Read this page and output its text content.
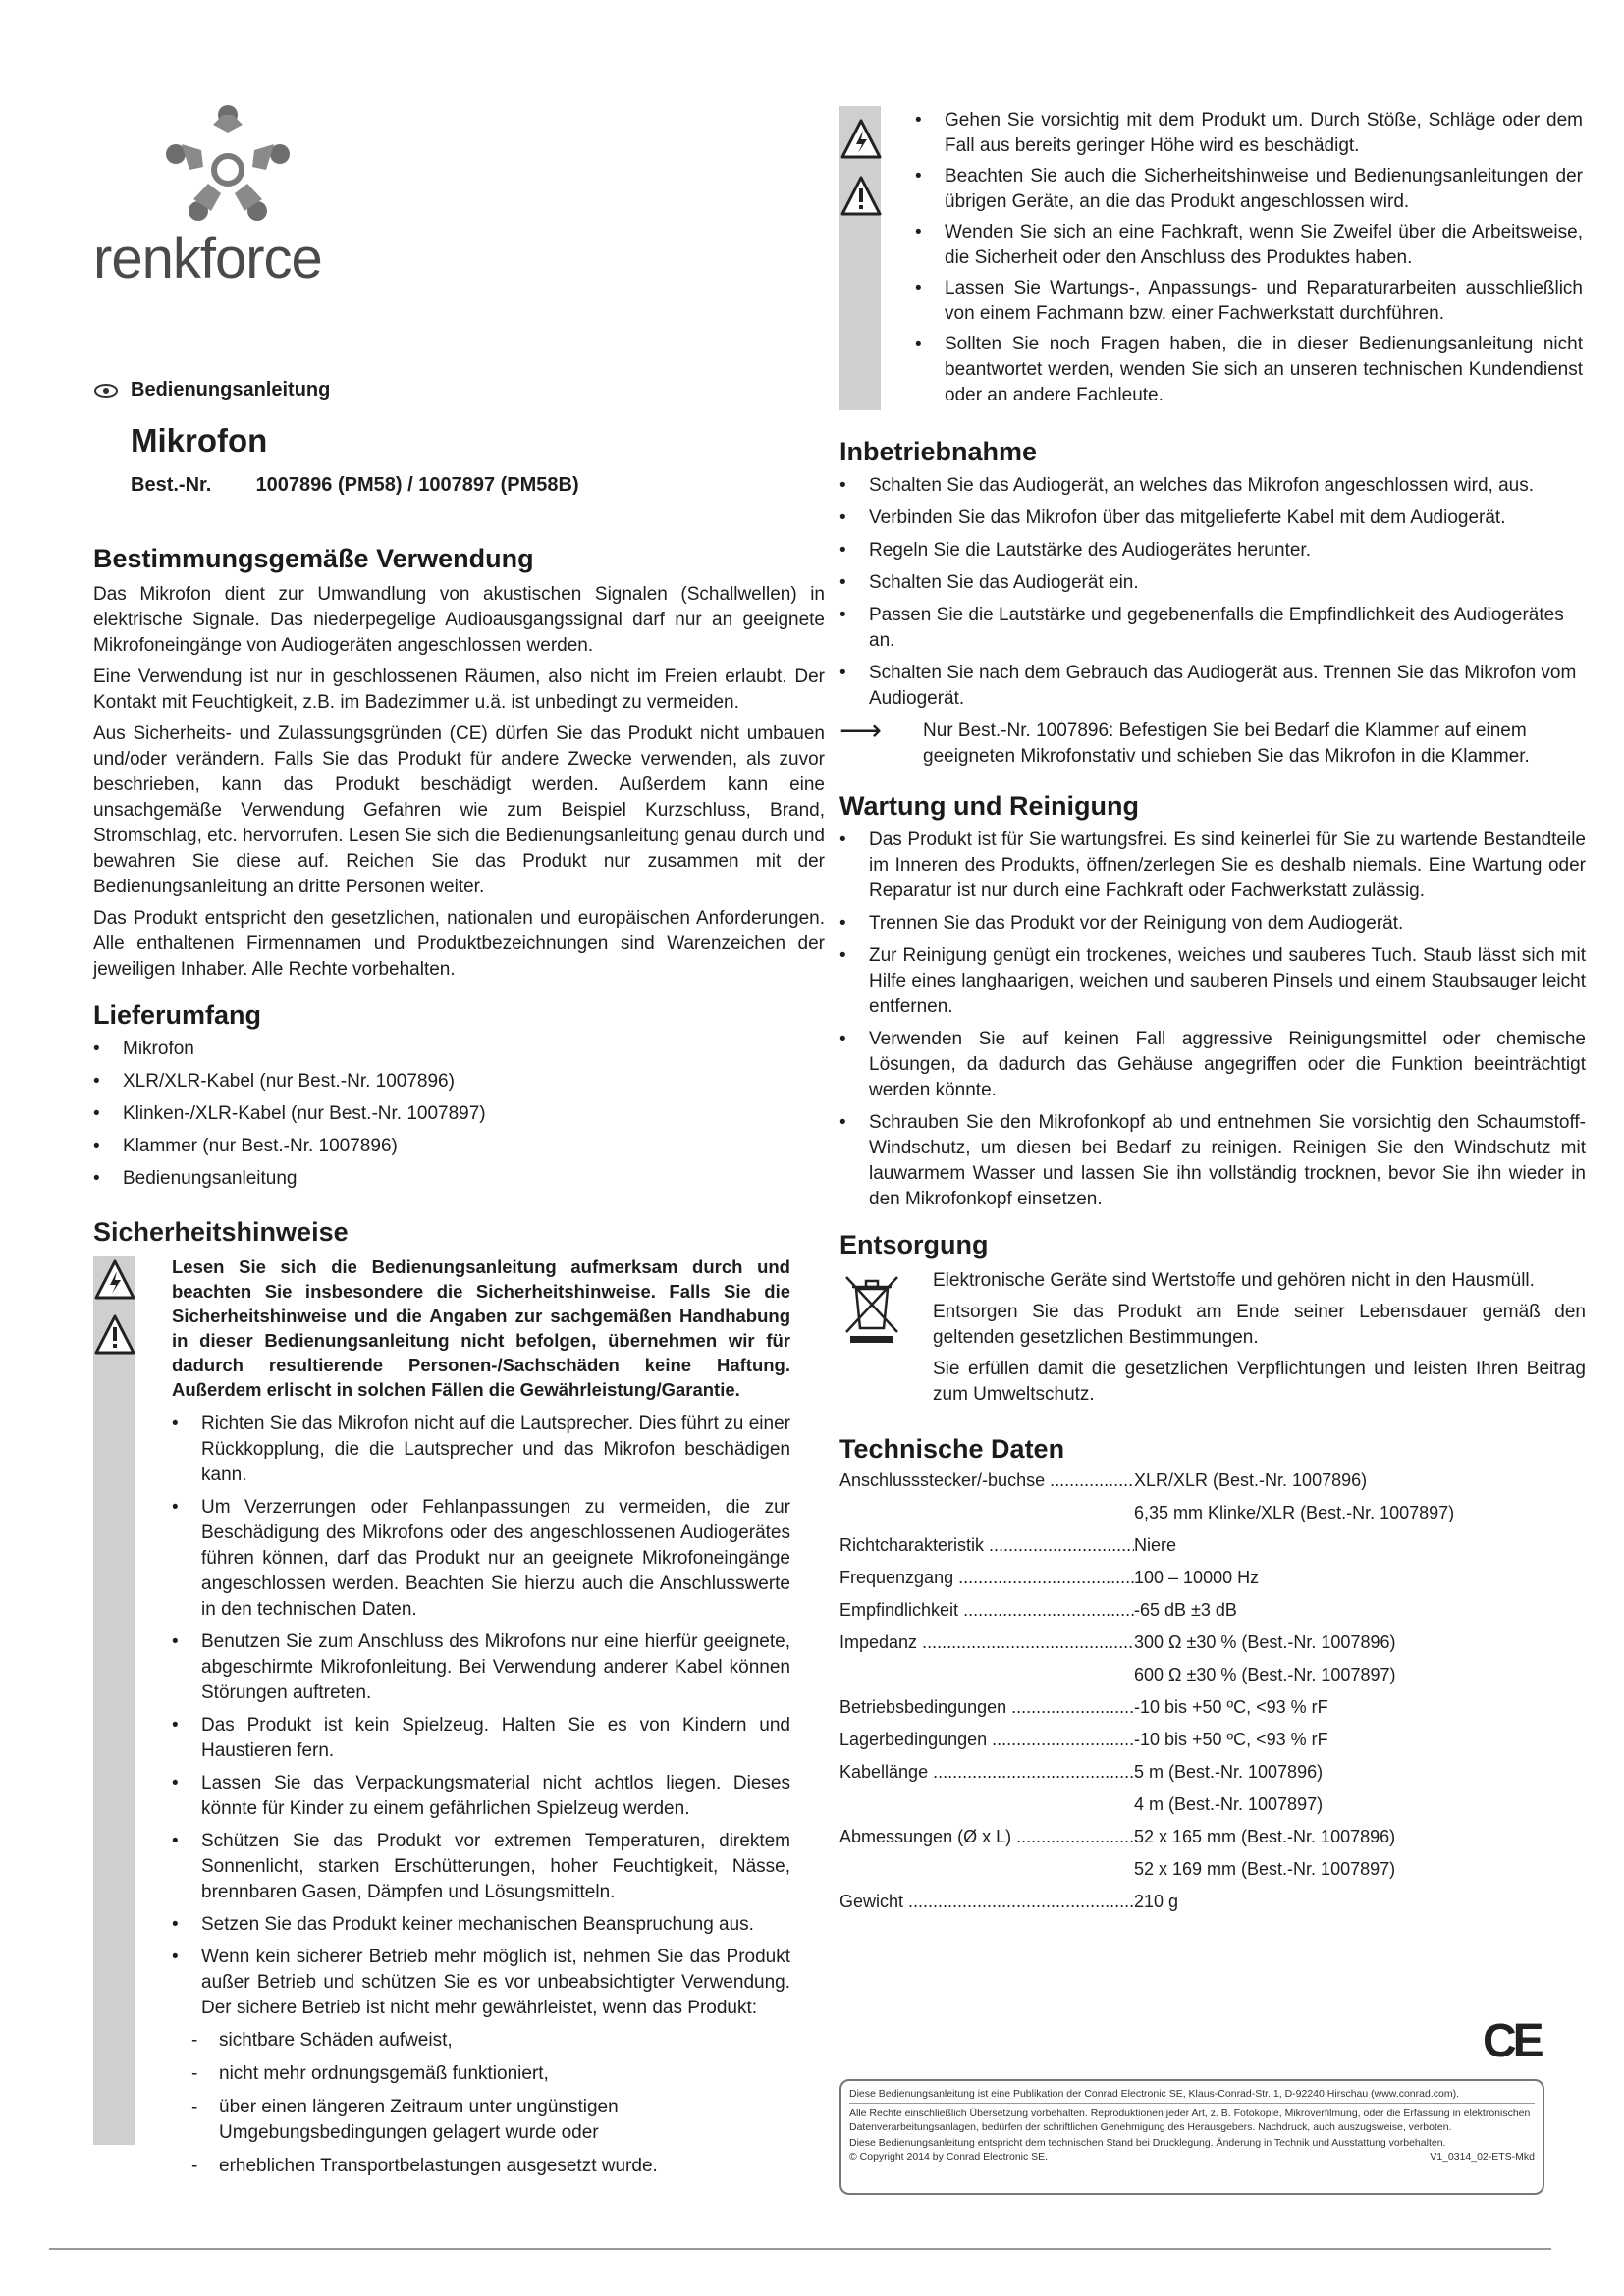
renkforce
Bedienungsanleitung
Mikrofon
Best.-Nr. 1007896 (PM58) / 1007897 (PM58B)
Bestimmungsgemäße Verwendung

Das Mikrofon dient zur Umwandlung von akustischen Signalen (Schallwellen) in elektrische Signale. Das niederpegelige Audioausgangssignal darf nur an geeignete Mikrofoneingänge von Audiogeräten angeschlossen werden.

Eine Verwendung ist nur in geschlossenen Räumen, also nicht im Freien erlaubt. Der Kontakt mit Feuchtigkeit, z.B. im Badezimmer u.ä. ist unbedingt zu vermeiden.

Aus Sicherheits- und Zulassungsgründen (CE) dürfen Sie das Produkt nicht umbauen und/oder verändern. Falls Sie das Produkt für andere Zwecke verwenden, als zuvor beschrieben, kann das Produkt beschädigt werden. Außerdem kann eine unsachgemäße Verwendung Gefahren wie zum Beispiel Kurzschluss, Brand, Stromschlag, etc. hervorrufen. Lesen Sie sich die Bedienungsanleitung genau durch und bewahren Sie diese auf. Reichen Sie das Produkt nur zusammen mit der Bedienungsanleitung an dritte Personen weiter.

Das Produkt entspricht den gesetzlichen, nationalen und europäischen Anforderungen. Alle enthaltenen Firmennamen und Produktbezeichnungen sind Warenzeichen der jeweiligen Inhaber. Alle Rechte vorbehalten.

Lieferumfang
• Mikrofon
• XLR/XLR-Kabel (nur Best.-Nr. 1007896)
• Klinken-/XLR-Kabel (nur Best.-Nr. 1007897)
• Klammer (nur Best.-Nr. 1007896)
• Bedienungsanleitung
Sicherheitshinweise

Lesen Sie sich die Bedienungsanleitung aufmerksam durch und beachten Sie insbesondere die Sicherheitshinweise. Falls Sie die Sicherheitshinweise und die Angaben zur sachgemäßen Handhabung in dieser Bedienungsanleitung nicht befolgen, übernehmen wir für dadurch resultierende Personen-/Sachschäden keine Haftung. Außerdem erlischt in solchen Fällen die Gewährleistung/Garantie.

• Richten Sie das Mikrofon nicht auf die Lautsprecher. Dies führt zu einer Rückkopplung, die die Lautsprecher und das Mikrofon beschädigen kann.
• Um Verzerrungen oder Fehlanpassungen zu vermeiden, die zur Beschädigung des Mikrofons oder des angeschlossenen Audiogerätes führen können, darf das Produkt nur an geeignete Mikrofoneingänge angeschlossen werden. Beachten Sie hierzu auch die Anschlusswerte in den technischen Daten.
• Benutzen Sie zum Anschluss des Mikrofons nur eine hierfür geeignete, abgeschirmte Mikrofonleitung. Bei Verwendung anderer Kabel können Störungen auftreten.
• Das Produkt ist kein Spielzeug. Halten Sie es von Kindern und Haustieren fern.
• Lassen Sie das Verpackungsmaterial nicht achtlos liegen. Dieses könnte für Kinder zu einem gefährlichen Spielzeug werden.
• Schützen Sie das Produkt vor extremen Temperaturen, direktem Sonnenlicht, starken Erschütterungen, hoher Feuchtigkeit, Nässe, brennbaren Gasen, Dämpfen und Lösungsmitteln.
• Setzen Sie das Produkt keiner mechanischen Beanspruchung aus.
• Wenn kein sicherer Betrieb mehr möglich ist, nehmen Sie das Produkt außer Betrieb und schützen Sie es vor unbeabsichtigter Verwendung. Der sichere Betrieb ist nicht mehr gewährleistet, wenn das Produkt:
- sichtbare Schäden aufweist,
- nicht mehr ordnungsgemäß funktioniert,
- über einen längeren Zeitraum unter ungünstigen Umgebungsbedingungen gelagert wurde oder
- erheblichen Transportbelastungen ausgesetzt wurde.
• Gehen Sie vorsichtig mit dem Produkt um. Durch Stöße, Schläge oder dem Fall aus bereits geringer Höhe wird es beschädigt.
• Beachten Sie auch die Sicherheitshinweise und Bedienungsanleitungen der übrigen Geräte, an die das Produkt angeschlossen wird.
• Wenden Sie sich an eine Fachkraft, wenn Sie Zweifel über die Arbeitsweise, die Sicherheit oder den Anschluss des Produktes haben.
• Lassen Sie Wartungs-, Anpassungs- und Reparaturarbeiten ausschließlich von einem Fachmann bzw. einer Fachwerkstatt durchführen.
• Sollten Sie noch Fragen haben, die in dieser Bedienungsanleitung nicht beantwortet werden, wenden Sie sich an unseren technischen Kundendienst oder an andere Fachleute.
Inbetriebnahme
• Schalten Sie das Audiogerät, an welches das Mikrofon angeschlossen wird, aus.
• Verbinden Sie das Mikrofon über das mitgelieferte Kabel mit dem Audiogerät.
• Regeln Sie die Lautstärke des Audiogerätes herunter.
• Schalten Sie das Audiogerät ein.
• Passen Sie die Lautstärke und gegebenenfalls die Empfindlichkeit des Audiogerätes an.
• Schalten Sie nach dem Gebrauch das Audiogerät aus. Trennen Sie das Mikrofon vom Audiogerät.
⟶	Nur Best.-Nr. 1007896: Befestigen Sie bei Bedarf die Klammer auf einem geeigneten Mikrofonstativ und schieben Sie das Mikrofon in die Klammer.

Wartung und Reinigung
• Das Produkt ist für Sie wartungsfrei. Es sind keinerlei für Sie zu wartende Bestandteile im Inneren des Produkts, öffnen/zerlegen Sie es deshalb niemals. Eine Wartung oder Reparatur ist nur durch eine Fachkraft oder Fachwerkstatt zulässig.
• Trennen Sie das Produkt vor der Reinigung von dem Audiogerät.
• Zur Reinigung genügt ein trockenes, weiches und sauberes Tuch. Staub lässt sich mit Hilfe eines langhaarigen, weichen und sauberen Pinsels und einem Staubsauger leicht entfernen.
• Verwenden Sie auf keinen Fall aggressive Reinigungsmittel oder chemische Lösungen, da dadurch das Gehäuse angegriffen oder die Funktion beeinträchtigt werden könnte.
• Schrauben Sie den Mikrofonkopf ab und entnehmen Sie vorsichtig den Schaumstoff-Windschutz, um diesen bei Bedarf zu reinigen. Reinigen Sie den Windschutz mit lauwarmem Wasser und lassen Sie ihn vollständig trocknen, bevor Sie ihn wieder in den Mikrofonkopf einsetzen.
Entsorgung

Elektronische Geräte sind Wertstoffe und gehören nicht in den Hausmüll.

Entsorgen Sie das Produkt am Ende seiner Lebensdauer gemäß den geltenden gesetzlichen Bestimmungen.

Sie erfüllen damit die gesetzlichen Verpflichtungen und leisten Ihren Beitrag zum Umweltschutz.

Technische Daten
Anschlussstecker/-buchse .....	XLR/XLR (Best.-Nr. 1007896)
6,35 mm Klinke/XLR (Best.-Nr. 1007897)
Richtcharakteristik .....	Niere
Frequenzgang .....	100 – 10000 Hz
Empfindlichkeit .....	-65 dB ±3 dB
Impedanz .....	300 Ω ±30 % (Best.-Nr. 1007896)
600 Ω ±30 % (Best.-Nr. 1007897)
Betriebsbedingungen .....	-10 bis +50 ºC, <93 % rF
Lagerbedingungen .....	-10 bis +50 ºC, <93 % rF
Kabellänge .....	5 m (Best.-Nr. 1007896)
4 m (Best.-Nr. 1007897)
Abmessungen (Ø x L) .....	52 x 165 mm (Best.-Nr. 1007896)
52 x 169 mm (Best.-Nr. 1007897)
Gewicht .....	210 g
CE
Diese Bedienungsanleitung ist eine Publikation der Conrad Electronic SE, Klaus-Conrad-Str. 1, D-92240 Hirschau (www.conrad.com).
Alle Rechte einschließlich Übersetzung vorbehalten. Reproduktionen jeder Art, z. B. Fotokopie, Mikroverfilmung, oder die Erfassung in elektronischen Datenverarbeitungsanlagen, bedürfen der schriftlichen Genehmigung des Herausgebers. Nachdruck, auch auszugsweise, verboten.
Diese Bedienungsanleitung entspricht dem technischen Stand bei Drucklegung. Änderung in Technik und Ausstattung vorbehalten.
© Copyright 2014 by Conrad Electronic SE.	V1_0314_02-ETS-Mkd
